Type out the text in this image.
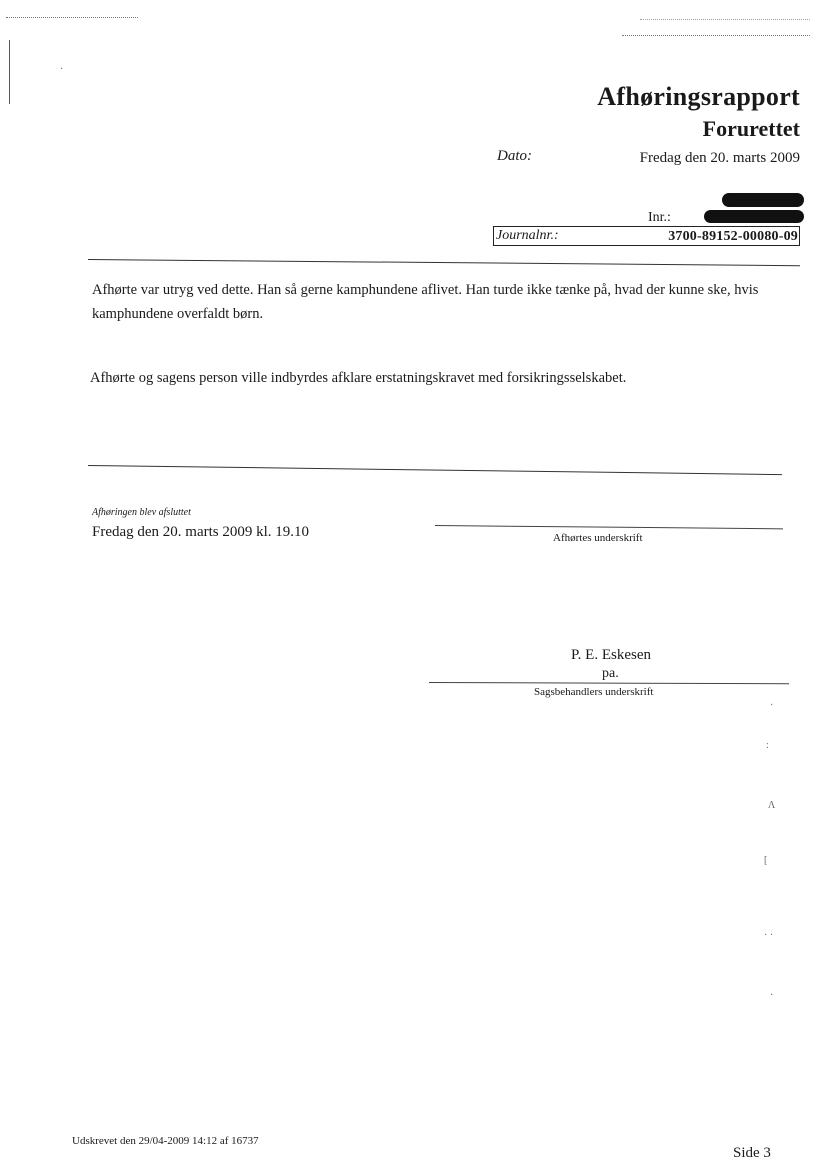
·
Afhøringsrapport
Forurettet
Dato:	Fredag den 20. marts 2009
Inr.:
Journalnr.:	3700-89152-00080-09
Afhørte var utryg ved dette. Han så gerne kamphundene aflivet. Han turde ikke tænke på, hvad der kunne ske, hvis kamphundene overfaldt børn.
Afhørte og sagens person ville indbyrdes afklare erstatningskravet med forsikringsselskabet.
Afhøringen blev afsluttet
Fredag den 20. marts 2009 kl. 19.10	Afhørtes underskrift
P. E. Eskesen
pa.
Sagsbehandlers underskrift
·
:
Λ
[
· ·
·
Udskrevet den 29/04-2009 14:12 af 16737
Side 3
